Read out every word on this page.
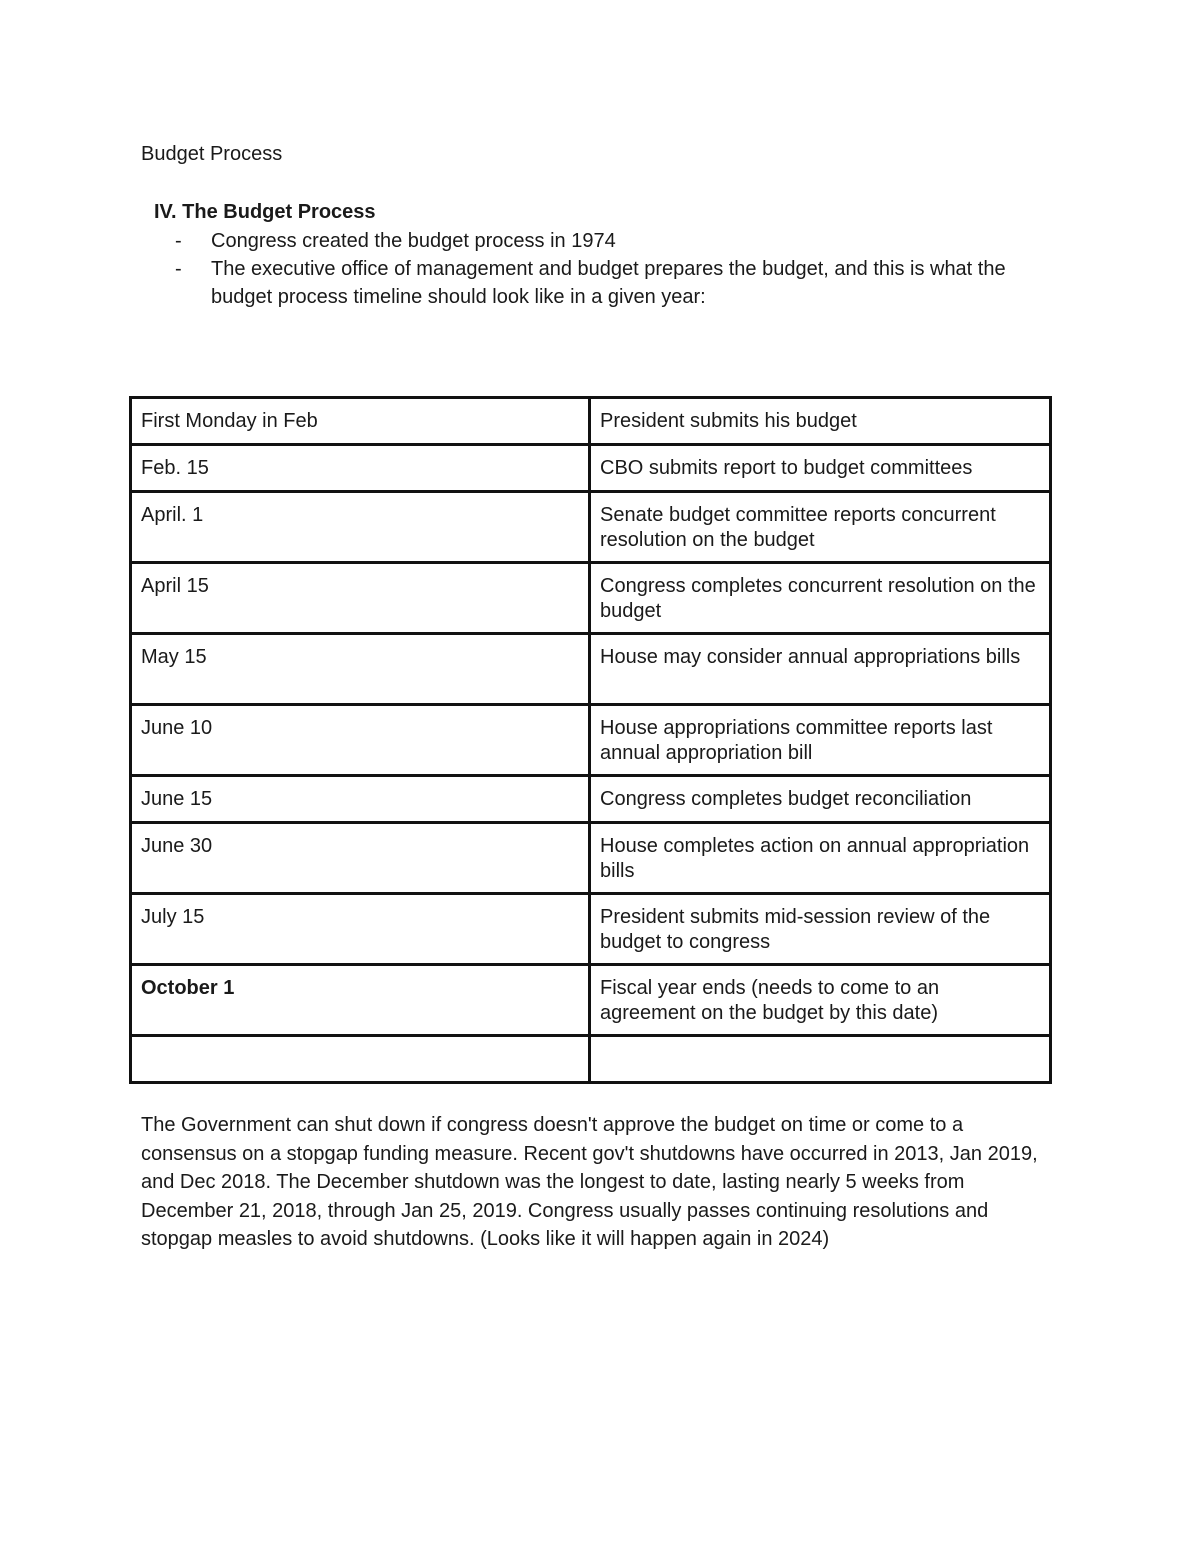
Budget Process
IV. The Budget Process
- Congress created the budget process in 1974
- The executive office of management and budget prepares the budget, and this is what the budget process timeline should look like in a given year:
First Monday in Feb	President submits his budget
Feb. 15	CBO submits report to budget committees
April. 1	Senate budget committee reports concurrent resolution on the budget
April 15	Congress completes concurrent resolution on the budget
May 15	House may consider annual appropriations bills
June 10	House appropriations committee reports last annual appropriation bill
June 15	Congress completes budget reconciliation
June 30	House completes action on annual appropriation bills
July 15	President submits mid-session review of the budget to congress
October 1	Fiscal year ends (needs to come to an agreement on the budget by this date)

The Government can shut down if congress doesn't approve the budget on time or come to a consensus on a stopgap funding measure. Recent gov't shutdowns have occurred in 2013, Jan 2019, and Dec 2018. The December shutdown was the longest to date, lasting nearly 5 weeks from December 21, 2018, through Jan 25, 2019. Congress usually passes continuing resolutions and stopgap measles to avoid shutdowns. (Looks like it will happen again in 2024)
